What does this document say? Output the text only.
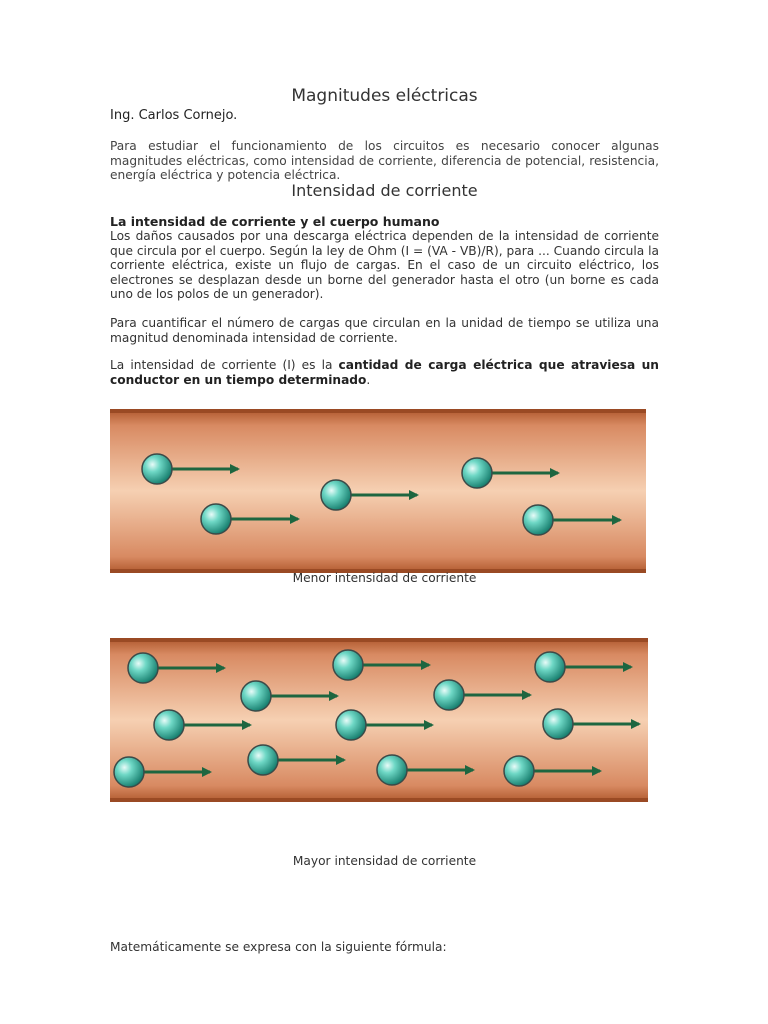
Magnitudes eléctricas
Ing. Carlos Cornejo.
Para estudiar el funcionamiento de los circuitos es necesario conocer algunas magnitudes eléctricas, como intensidad de corriente, diferencia de potencial, resistencia, energía eléctrica y potencia eléctrica.
Intensidad de corriente
La intensidad de corriente y el cuerpo humano
Los daños causados por una descarga eléctrica dependen de la intensidad de corriente que circula por el cuerpo. Según la ley de Ohm (I = (VA - VB)/R), para ... Cuando circula la corriente eléctrica, existe un flujo de cargas. En el caso de un circuito eléctrico, los electrones se desplazan desde un borne del generador hasta el otro (un borne es cada uno de los polos de un generador).
Para cuantificar el número de cargas que circulan en la unidad de tiempo se utiliza una magnitud denominada intensidad de corriente.
La intensidad de corriente (I) es la cantidad de carga eléctrica que atraviesa un conductor en un tiempo determinado.
Menor intensidad de corriente
Mayor intensidad de corriente
Matemáticamente se expresa con la siguiente fórmula:
